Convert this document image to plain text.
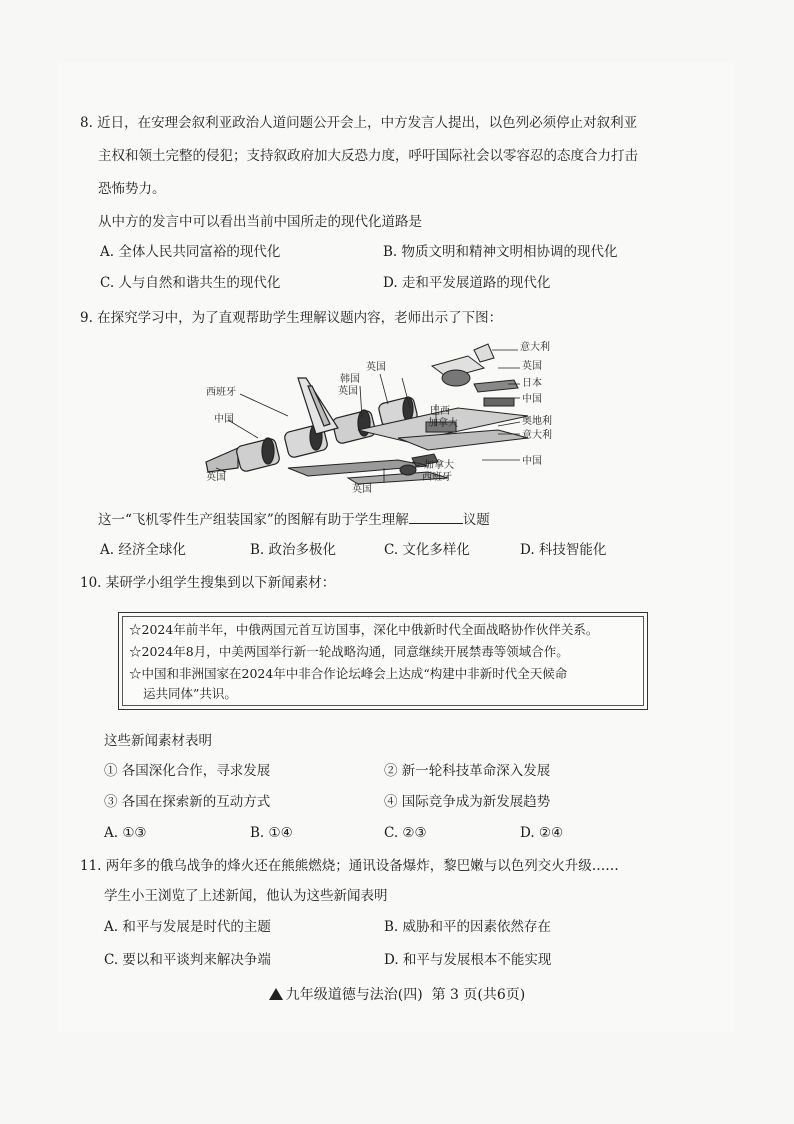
8. 近日，在安理会叙利亚政治人道问题公开会上，中方发言人提出，以色列必须停止对叙利亚
主权和领土完整的侵犯；支持叙政府加大反恐力度，呼吁国际社会以零容忍的态度合力打击
恐怖势力。
从中方的发言中可以看出当前中国所走的现代化道路是
A. 全体人民共同富裕的现代化	B. 物质文明和精神文明相协调的现代化
C. 人与自然和谐共生的现代化	D. 走和平发展道路的现代化
9. 在探究学习中，为了直观帮助学生理解议题内容，老师出示了下图：
西班牙
中国
英国
英国
韩国
英国
巴西
加拿大
意大利
英国
日本
中国
奥地利
意大利
中国
加拿大
西班牙
英国
这一“飞机零件生产组装国家”的图解有助于学生理解	议题
A. 经济全球化	B. 政治多极化	C. 文化多样化	D. 科技智能化
10. 某研学小组学生搜集到以下新闻素材：
☆2024年前半年，中俄两国元首互访国事，深化中俄新时代全面战略协作伙伴关系。
☆2024年8月，中美两国举行新一轮战略沟通，同意继续开展禁毒等领域合作。
☆中国和非洲国家在2024年中非合作论坛峰会上达成“构建中非新时代全天候命
运共同体”共识。
这些新闻素材表明
① 各国深化合作，寻求发展	② 新一轮科技革命深入发展
③ 各国在探索新的互动方式	④ 国际竞争成为新发展趋势
A. ①③	B. ①④	C. ②③	D. ②④
11. 两年多的俄乌战争的烽火还在熊熊燃烧；通讯设备爆炸，黎巴嫩与以色列交火升级……
学生小王浏览了上述新闻，他认为这些新闻表明
A. 和平与发展是时代的主题	B. 威胁和平的因素依然存在
C. 要以和平谈判来解决争端	D. 和平与发展根本不能实现
九年级道德与法治(四) 第 3 页(共6页)
